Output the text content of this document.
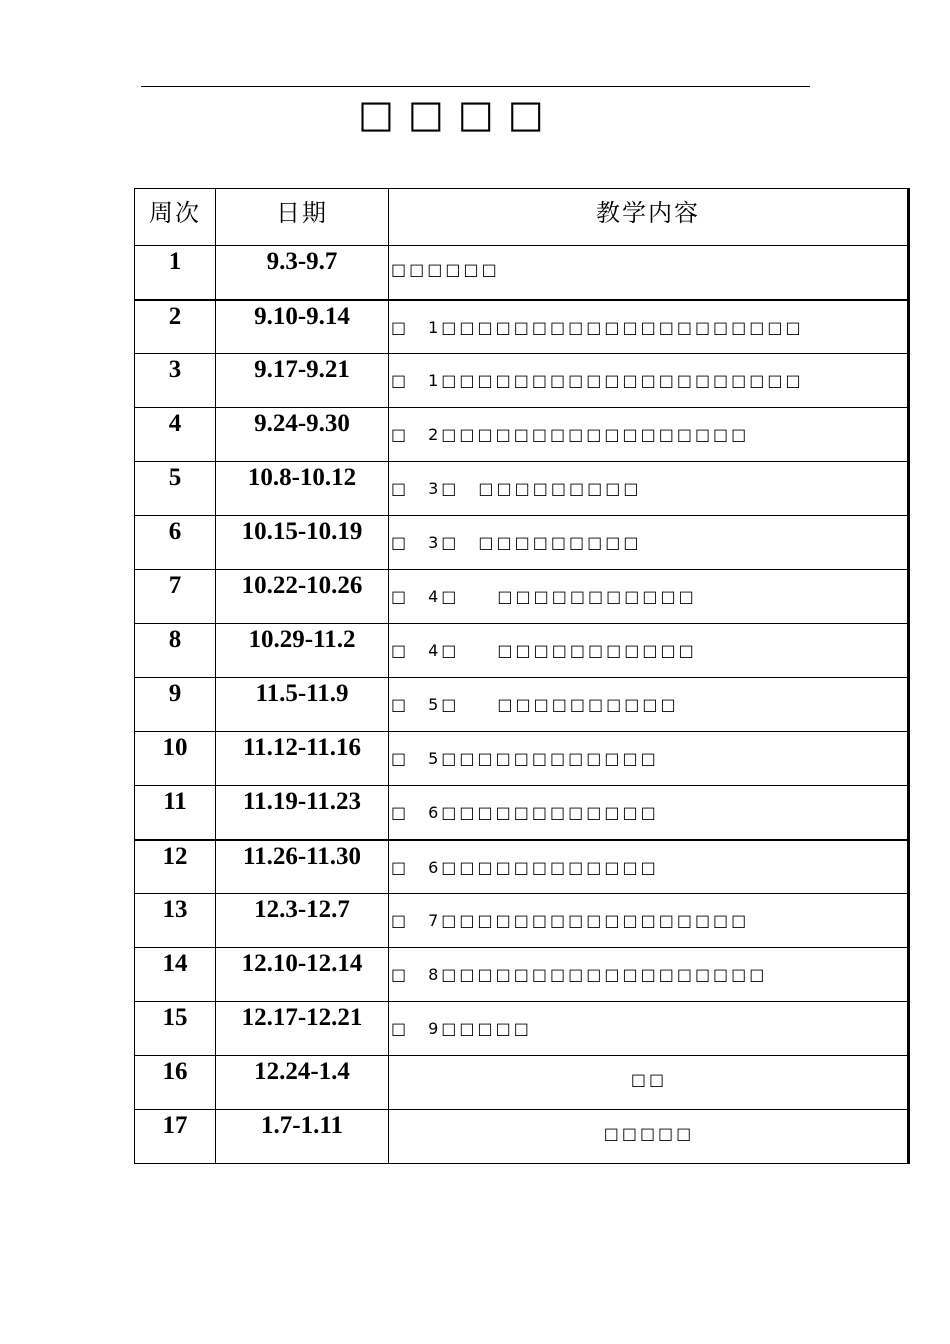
□□□□
周次	日期	教学内容
1	9.3-9.7	□□□□□□
2	9.10-9.14	□　1□□□□□□□□□□□□□□□□□□□□
3	9.17-9.21	□　1□□□□□□□□□□□□□□□□□□□□
4	9.24-9.30	□　2□□□□□□□□□□□□□□□□□
5	10.8-10.12	□　3□　□□□□□□□□□
6	10.15-10.19	□　3□　□□□□□□□□□
7	10.22-10.26	□　4□　　□□□□□□□□□□□
8	10.29-11.2	□　4□　　□□□□□□□□□□□
9	11.5-11.9	□　5□　　□□□□□□□□□□
10	11.12-11.16	□　5□□□□□□□□□□□□
11	11.19-11.23	□　6□□□□□□□□□□□□
12	11.26-11.30	□　6□□□□□□□□□□□□
13	12.3-12.7	□　7□□□□□□□□□□□□□□□□□
14	12.10-12.14	□　8□□□□□□□□□□□□□□□□□□
15	12.17-12.21	□　9□□□□□
16	12.24-1.4	□□
17	1.7-1.11	□□□□□
